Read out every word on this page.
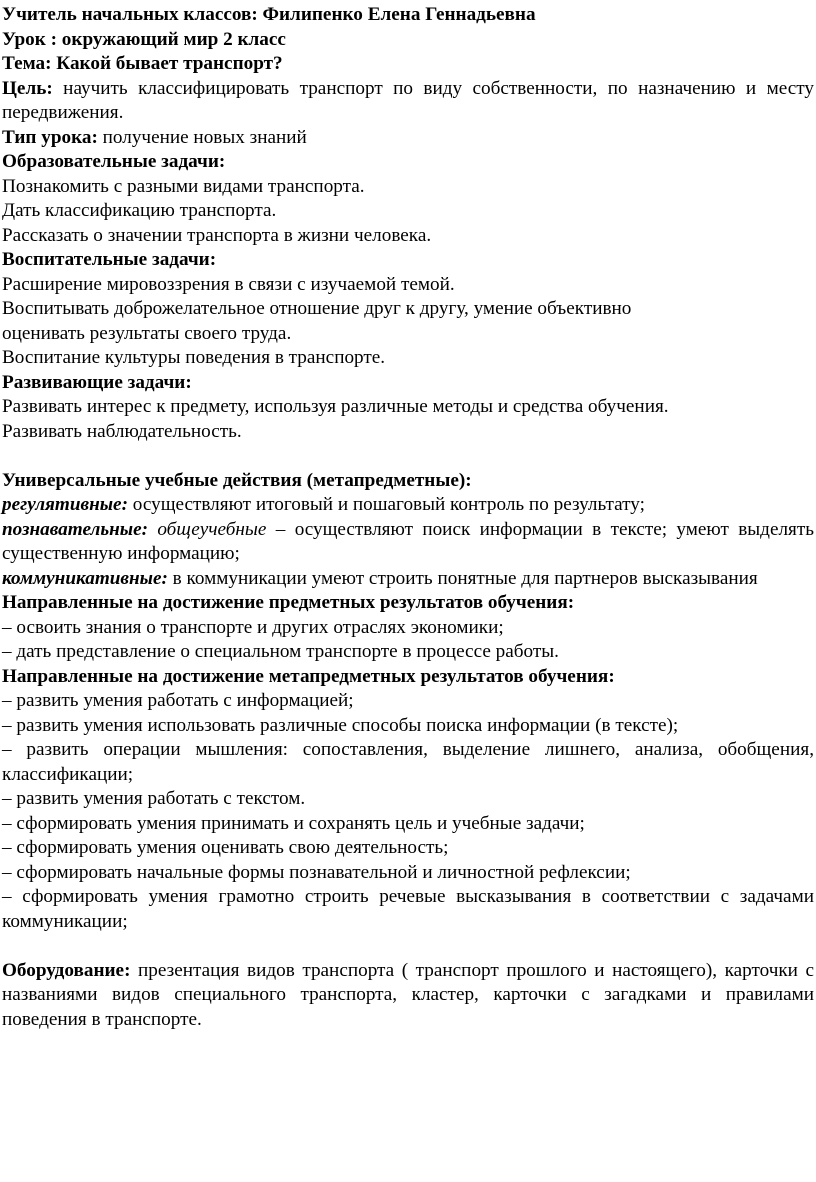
Учитель начальных классов: Филипенко Елена Геннадьевна
Урок : окружающий мир 2 класс
Тема: Какой бывает транспорт?
Цель: научить классифицировать транспорт по виду собственности, по назначению и месту передвижения.
Тип урока: получение новых знаний
Образовательные задачи:
Познакомить с разными видами транспорта.
Дать классификацию транспорта.
Рассказать о значении транспорта в жизни человека.
Воспитательные задачи:
Расширение мировоззрения в связи с изучаемой темой.
Воспитывать доброжелательное отношение друг к другу, умение объективно
оценивать результаты своего труда.
Воспитание культуры поведения в транспорте.
Развивающие задачи:
Развивать интерес к предмету, используя различные методы и средства обучения.
Развивать наблюдательность.
Универсальные учебные действия (метапредметные):
регулятивные: осуществляют итоговый и пошаговый контроль по результату;
познавательные: общеучебные – осуществляют поиск информации в тексте; умеют выделять существенную информацию;
коммуникативные: в коммуникации умеют строить понятные для партнеров высказывания
Направленные на достижение предметных результатов обучения:
– освоить знания о транспорте и других отраслях экономики;
– дать представление о специальном транспорте в процессе работы.
Направленные на достижение метапредметных результатов обучения:
– развить умения работать с информацией;
– развить умения использовать различные способы поиска информации (в тексте);
– развить операции мышления: сопоставления, выделение лишнего, анализа, обобщения, классификации;
– развить умения работать с текстом.
– сформировать умения принимать и сохранять цель и учебные задачи;
– сформировать умения оценивать свою деятельность;
– сформировать начальные формы познавательной и личностной рефлексии;
– сформировать умения грамотно строить речевые высказывания в соответствии с задачами коммуникации;
Оборудование: презентация видов транспорта ( транспорт прошлого и настоящего), карточки с названиями видов специального транспорта, кластер, карточки с загадками и правилами поведения в транспорте.
